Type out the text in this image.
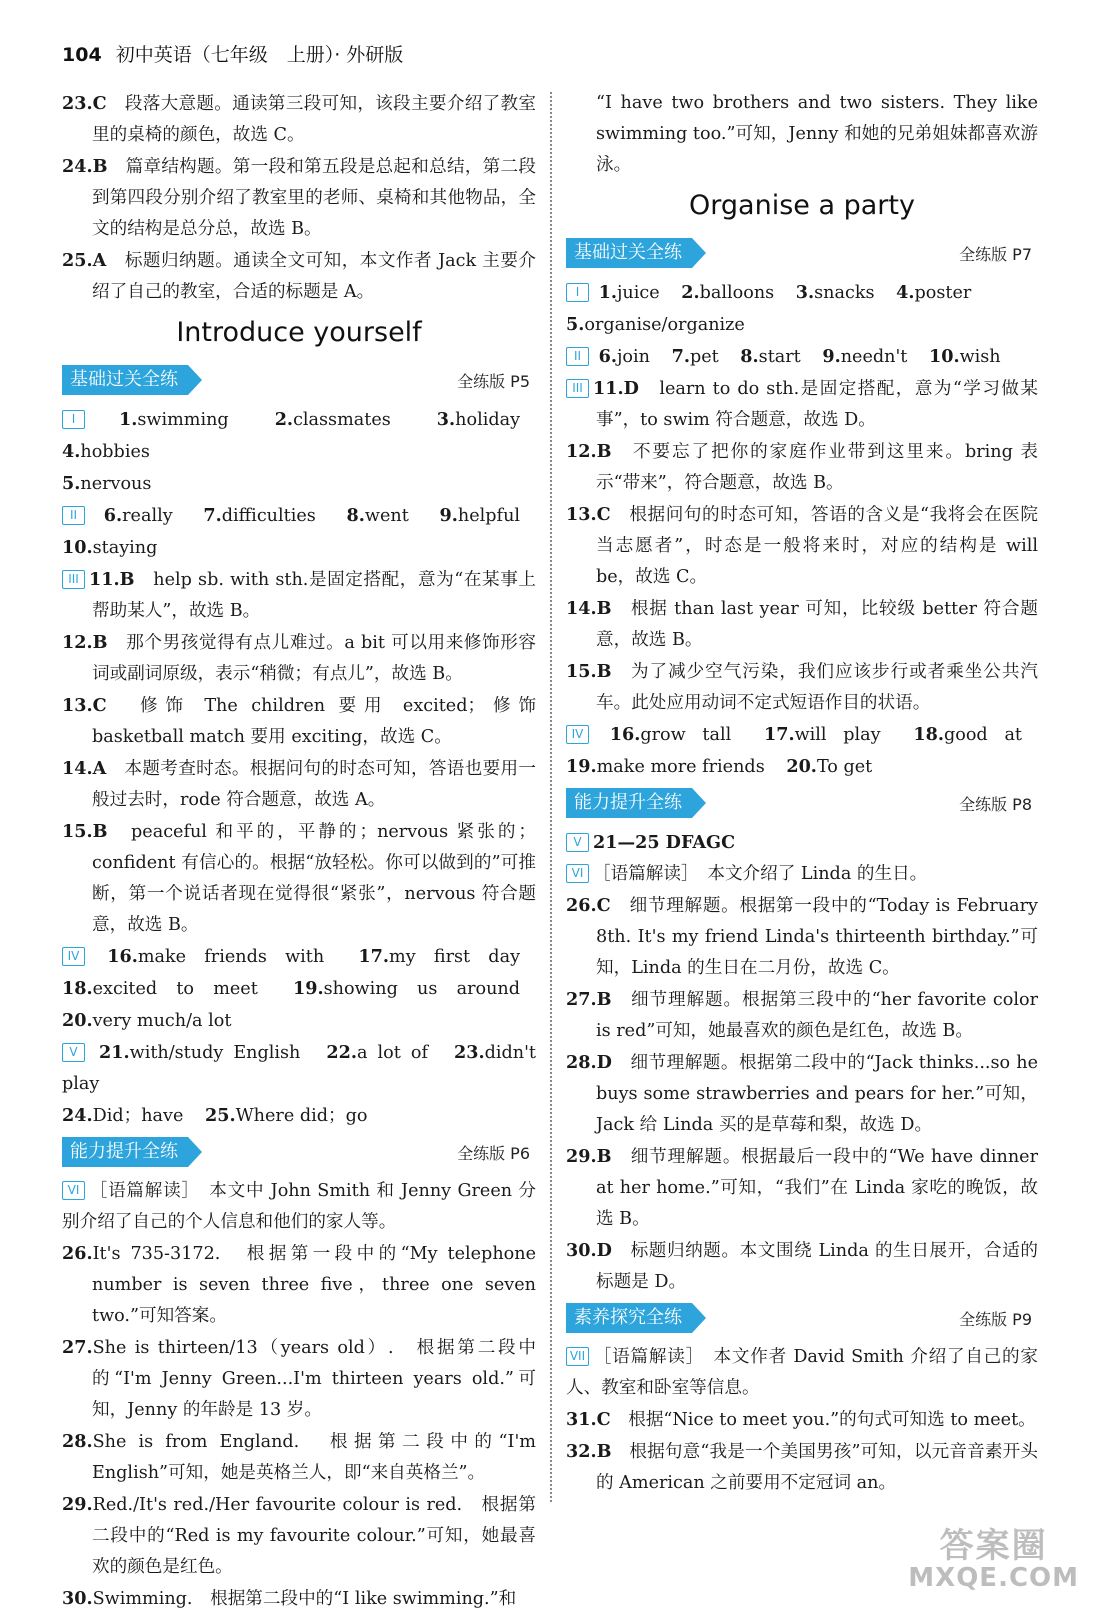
104 初中英语（七年级　上册）· 外研版
23.C　 段落大意题。通读第三段可知，该段主要介绍了教室里的桌椅的颜色，故选 C。
24.B　 篇章结构题。第一段和第五段是总起和总结，第二段到第四段分别介绍了教室里的老师、桌椅和其他物品，全文的结构是总分总，故选 B。
25.A　 标题归纳题。通读全文可知，本文作者 Jack 主要介绍了自己的教室，合适的标题是 A。
Introduce yourself
基础过关全练	全练版 P5
I 1.swimming	2.classmates	3.holiday 4.hobbies
5.nervous
II 6.really 7.difficulties 8.went 9.helpful 10.staying
III 11.B　 help sb. with sth.是固定搭配，意为“在某事上帮助某人”，故选 B。
12.B　 那个男孩觉得有点儿难过。a bit 可以用来修饰形容词或副词原级，表示“稍微；有点儿”，故选 B。
13.C　 修饰 The children 要用 excited；修饰 basketball match 要用 exciting，故选 C。
14.A　 本题考查时态。根据问句的时态可知，答语也要用一般过去时，rode 符合题意，故选 A。
15.B　 peaceful 和平的，平静的；nervous 紧张的；confident 有信心的。根据“放轻松。你可以做到的”可推断，第一个说话者现在觉得很“紧张”，nervous 符合题意，故选 B。
IV 16.make friends with 17.my first day 18.excited to meet 19.showing us around 20.very much/a lot
V 21.with/study English 22.a lot of 23.didn't play
24.Did；have 25.Where did；go
能力提升全练	全练版 P6
VI ［语篇解读］　本文中 John Smith 和 Jenny Green 分别介绍了自己的个人信息和他们的家人等。
26.It's 735-3172.　根据第一段中的“My telephone number is seven three five，three one seven two.”可知答案。
27.She is thirteen/13（years old）.　根据第二段中的“I'm Jenny Green...I'm thirteen years old.”可知，Jenny 的年龄是 13 岁。
28.She is from England.　根据第二段中的“I'm English”可知，她是英格兰人，即“来自英格兰”。
29.Red./It's red./Her favourite colour is red.　根据第二段中的“Red is my favourite colour.”可知，她最喜欢的颜色是红色。
30.Swimming.　根据第二段中的“I like swimming.”和
“I have two brothers and two sisters. They like swimming too.”可知，Jenny 和她的兄弟姐妹都喜欢游泳。
Organise a party
基础过关全练	全练版 P7
I 1.juice 2.balloons 3.snacks 4.poster
5.organise/organize
II 6.join 7.pet 8.start 9.needn't 10.wish
III 11.D　 learn to do sth.是固定搭配，意为“学习做某事”，to swim 符合题意，故选 D。
12.B　 不要忘了把你的家庭作业带到这里来。bring 表示“带来”，符合题意，故选 B。
13.C　 根据问句的时态可知，答语的含义是“我将会在医院当志愿者”，时态是一般将来时，对应的结构是 will be，故选 C。
14.B　 根据 than last year 可知，比较级 better 符合题意，故选 B。
15.B　 为了减少空气污染，我们应该步行或者乘坐公共汽车。此处应用动词不定式短语作目的状语。
IV 16.grow tall 17.will play 18.good at 19.make more friends 20.To get
能力提升全练	全练版 P8
V 21—25 DFAGC
VI ［语篇解读］　本文介绍了 Linda 的生日。
26.C　 细节理解题。根据第一段中的“Today is February 8th. It's my friend Linda's thirteenth birthday.”可知，Linda 的生日在二月份，故选 C。
27.B　 细节理解题。根据第三段中的“her favorite color is red”可知，她最喜欢的颜色是红色，故选 B。
28.D　 细节理解题。根据第二段中的“Jack thinks...so he buys some strawberries and pears for her.”可知，Jack 给 Linda 买的是草莓和梨，故选 D。
29.B　 细节理解题。根据最后一段中的“We have dinner at her home.”可知，“我们”在 Linda 家吃的晚饭，故选 B。
30.D　 标题归纳题。本文围绕 Linda 的生日展开，合适的标题是 D。
素养探究全练	全练版 P9
VII ［语篇解读］　本文作者 David Smith 介绍了自己的家人、教室和卧室等信息。
31.C　 根据“Nice to meet you.”的句式可知选 to meet。
32.B　 根据句意“我是一个美国男孩”可知，以元音音素开头的 American 之前要用不定冠词 an。
答案圈
MXQE.COM
